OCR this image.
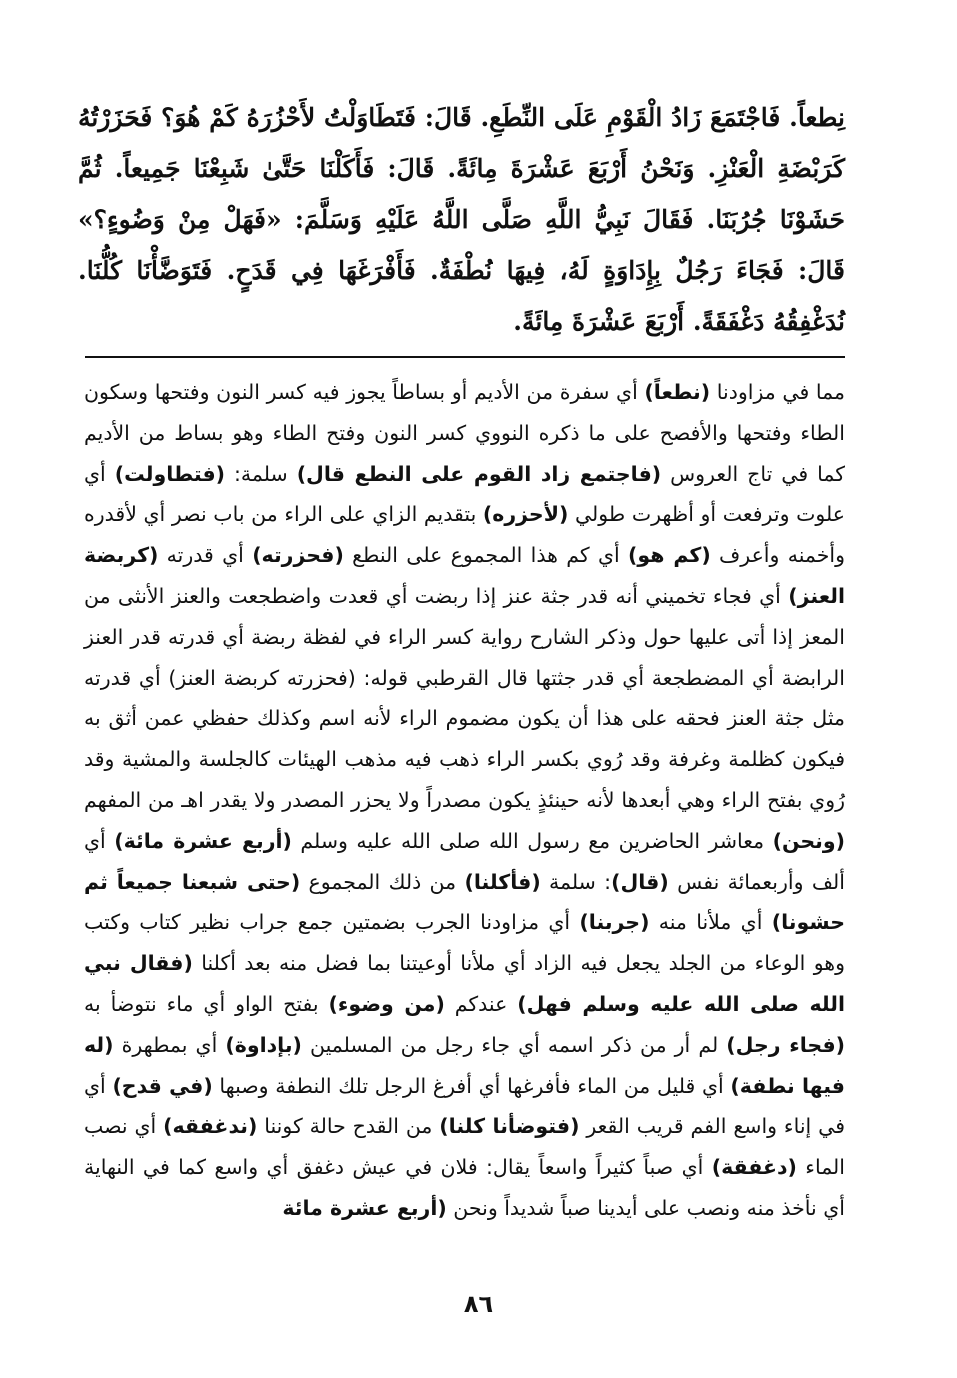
نِطعاً. فَاجْتَمَعَ زَادُ الْقَوْمِ عَلَى النِّطَعِ. قَالَ: فَتَطَاوَلْتُ لأَحْزُرَهُ كَمْ هُوَ؟ فَحَزَرْتُهُ كَرَبْضَةِ الْعَنْزِ. وَنَحْنُ أَرْبَعَ عَشْرَةَ مِائَةً. قَالَ: فَأَكَلْنَا حَتَّىٰ شَبِعْنَا جَمِيعاً. ثُمَّ حَشَوْنَا جُرُبَنَا. فَقَالَ نَبِيُّ اللَّهِ صَلَّى اللَّهُ عَلَيْهِ وَسَلَّمَ: «فَهَلْ مِنْ وَضُوءٍ؟» قَالَ: فَجَاءَ رَجُلٌ بِإِدَاوَةٍ لَهُ، فِيهَا نُطْفَةٌ. فَأَفْرَغَهَا فِي قَدَحٍ. فَتَوَضَّأْنَا كُلُّنَا. نُدَغْفِقُهُ دَغْفَقَةً. أَرْبَعَ عَشْرَةَ مِائَةً.

مما في مزاودنا (نطعاً) أي سفرة من الأديم أو بساطاً يجوز فيه كسر النون وفتحها وسكون الطاء وفتحها والأفصح على ما ذكره النووي كسر النون وفتح الطاء وهو بساط من الأديم كما في تاج العروس (فاجتمع زاد القوم على النطع قال) سلمة: (فتطاولت) أي علوت وترفعت أو أظهرت طولي (لأحزره) بتقديم الزاي على الراء من باب نصر أي لأقدره وأخمنه وأعرف (كم هو) أي كم هذا المجموع على النطع (فحزرته) أي قدرته (كربضة العنز) أي فجاء تخميني أنه قدر جثة عنز إذا ربضت أي قعدت واضطجعت والعنز الأنثى من المعز إذا أتى عليها حول وذكر الشارح رواية كسر الراء في لفظة ربضة أي قدرته قدر العنز الرابضة أي المضطجعة أي قدر جثتها قال القرطبي قوله: (فحزرته كربضة العنز) أي قدرته مثل جثة العنز فحقه على هذا أن يكون مضموم الراء لأنه اسم وكذلك حفظي عمن أثق به فيكون كظلمة وغرفة وقد رُوي بكسر الراء ذهب فيه مذهب الهيئات كالجلسة والمشية وقد رُوي بفتح الراء وهي أبعدها لأنه حينئذٍ يكون مصدراً ولا يحزر المصدر ولا يقدر اهـ من المفهم (ونحن) معاشر الحاضرين مع رسول الله صلى الله عليه وسلم (أربع عشرة مائة) أي ألف وأربعمائة نفس (قال): سلمة (فأكلنا) من ذلك المجموع (حتى شبعنا جميعاً ثم حشونا) أي ملأنا منه (جربنا) أي مزاودنا الجرب بضمتين جمع جراب نظير كتاب وكتب وهو الوعاء من الجلد يجعل فيه الزاد أي ملأنا أوعيتنا بما فضل منه بعد أكلنا (فقال نبي الله صلى الله عليه وسلم فهل) عندكم (من وضوء) بفتح الواو أي ماء نتوضأ به (فجاء رجل) لم أر من ذكر اسمه أي جاء رجل من المسلمين (بإداوة) أي بمطهرة (له فيها نطفة) أي قليل من الماء فأفرغها أي أفرغ الرجل تلك النطفة وصبها (في قدح) أي في إناء واسع الفم قريب القعر (فتوضأنا كلنا) من القدح حالة كوننا (ندغفقه) أي نصب الماء (دغفقة) أي صباً كثيراً واسعاً يقال: فلان في عيش دغفق أي واسع كما في النهاية أي نأخذ منه ونصب على أيدينا صباً شديداً ونحن (أربع عشرة مائة

٨٦
